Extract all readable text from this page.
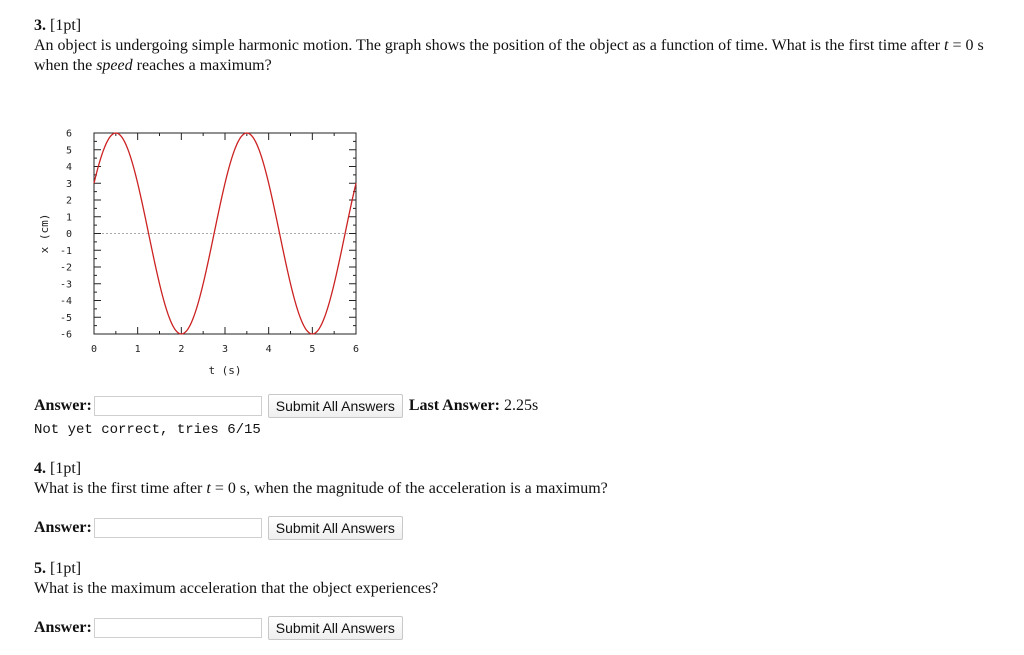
3. [1pt]

An object is undergoing simple harmonic motion. The graph shows the position of the object as a function of time. What is the first time after t = 0 s when the speed reaches a maximum?

6
5
4
3
2
1
0
-1
-2
-3
-4
-5
-6
0	1	2	3	4	5	6
t (s)
x (cm)
Answer:	Submit All Answers Last Answer: 2.25s
Not yet correct, tries 6/15
4. [1pt]

What is the first time after t = 0 s, when the magnitude of the acceleration is a maximum?

Answer:	Submit All Answers
5. [1pt]

What is the maximum acceleration that the object experiences?

Answer:	Submit All Answers
